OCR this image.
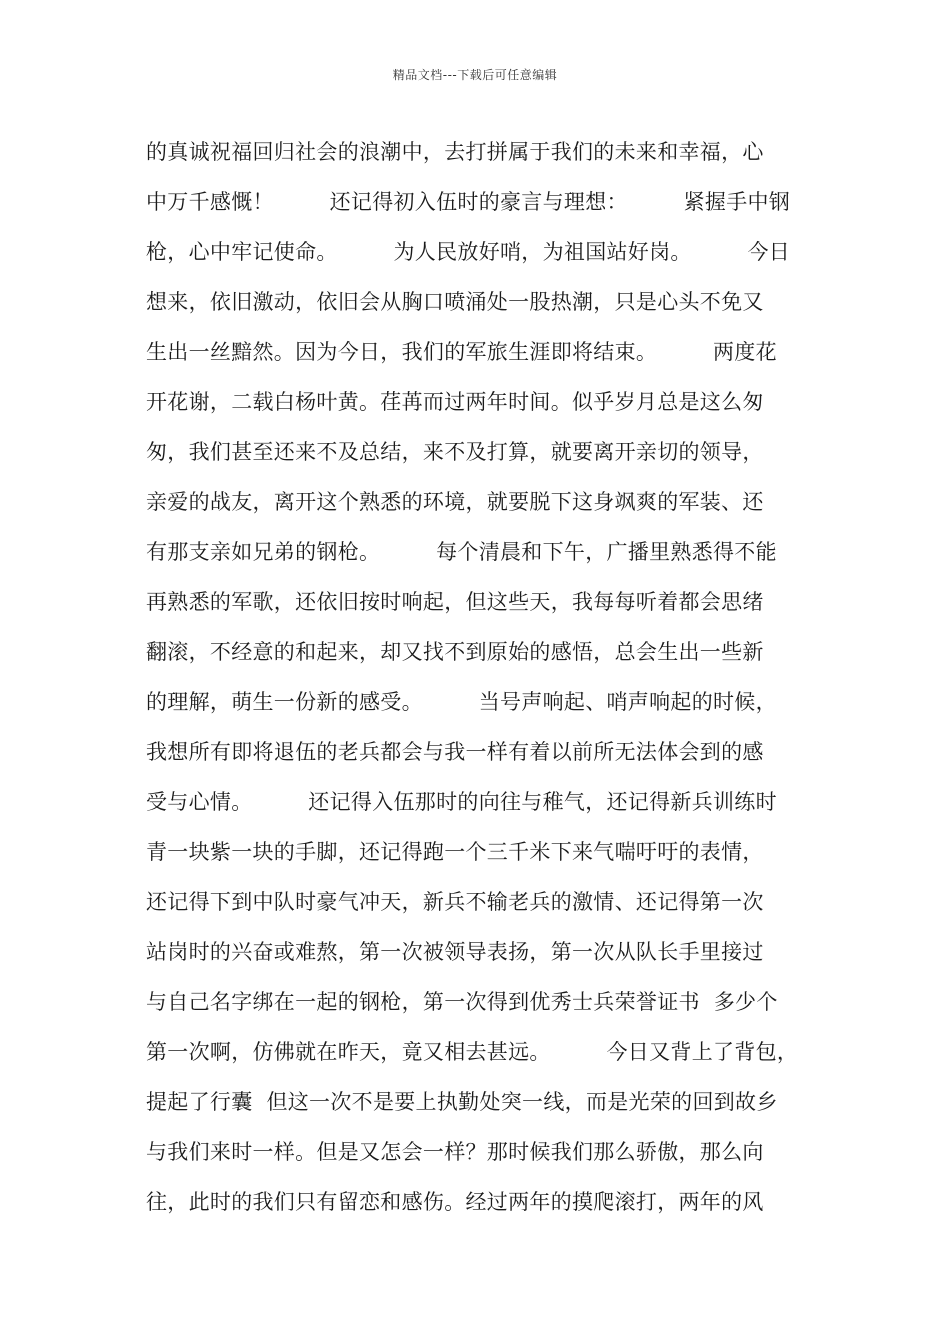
精品文档---下载后可任意编辑
的真诚祝福回归社会的浪潮中，去打拼属于我们的未来和幸福，心
中万千感慨！        还记得初入伍时的豪言与理想：        紧握手中钢
枪，心中牢记使命。        为人民放好哨，为祖国站好岗。        今日
想来，依旧激动，依旧会从胸口喷涌处一股热潮，只是心头不免又
生出一丝黯然。因为今日，我们的军旅生涯即将结束。        两度花
开花谢，二载白杨叶黄。荏苒而过两年时间。似乎岁月总是这么匆
匆，我们甚至还来不及总结，来不及打算，就要离开亲切的领导，
亲爱的战友，离开这个熟悉的环境，就要脱下这身飒爽的军装、还
有那支亲如兄弟的钢枪。        每个清晨和下午，广播里熟悉得不能
再熟悉的军歌，还依旧按时响起，但这些天，我每每听着都会思绪
翻滚，不经意的和起来，却又找不到原始的感悟，总会生出一些新
的理解，萌生一份新的感受。        当号声响起、哨声响起的时候，
我想所有即将退伍的老兵都会与我一样有着以前所无法体会到的感
受与心情。        还记得入伍那时的向往与稚气，还记得新兵训练时
青一块紫一块的手脚，还记得跑一个三千米下来气喘吁吁的表情，
还记得下到中队时豪气冲天，新兵不输老兵的激情、还记得第一次
站岗时的兴奋或难熬，第一次被领导表扬，第一次从队长手里接过
与自己名字绑在一起的钢枪，第一次得到优秀士兵荣誉证书  多少个
第一次啊，仿佛就在昨天，竟又相去甚远。        今日又背上了背包，
提起了行囊  但这一次不是要上执勤处突一线，而是光荣的回到故乡
与我们来时一样。但是又怎会一样？那时候我们那么骄傲，那么向
往，此时的我们只有留恋和感伤。经过两年的摸爬滚打，两年的风
